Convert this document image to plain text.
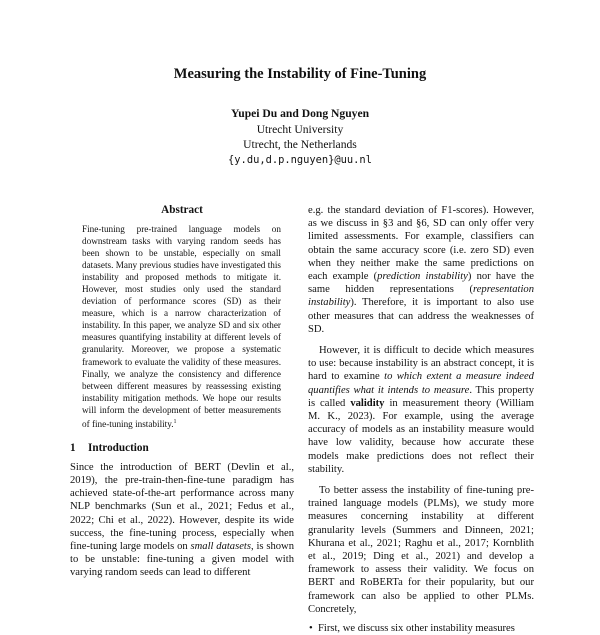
Measuring the Instability of Fine-Tuning
Yupei Du and Dong Nguyen
Utrecht University
Utrecht, the Netherlands
{y.du,d.p.nguyen}@uu.nl
Abstract

Fine-tuning pre-trained language models on downstream tasks with varying random seeds has been shown to be unstable, especially on small datasets. Many previous studies have investigated this instability and proposed methods to mitigate it. However, most studies only used the standard deviation of performance scores (SD) as their measure, which is a narrow characterization of instability. In this paper, we analyze SD and six other measures quantifying instability at different levels of granularity. Moreover, we propose a systematic framework to evaluate the validity of these measures. Finally, we analyze the consistency and difference between different measures by reassessing existing instability mitigation methods. We hope our results will inform the development of better measurements of fine-tuning instability.$^1$

1 Introduction

Since the introduction of BERT (Devlin et al., 2019), the pre-train-then-fine-tune paradigm has achieved state-of-the-art performance across many NLP benchmarks (Sun et al., 2021; Fedus et al., 2022; Chi et al., 2022). However, despite its wide success, the fine-tuning process, especially when fine-tuning large models on small datasets, is shown to be unstable: fine-tuning a given model with varying random seeds can lead to different

e.g. the standard deviation of F1-scores). However, as we discuss in §3 and §6, SD can only offer very limited assessments. For example, classifiers can obtain the same accuracy score (i.e. zero SD) even when they neither make the same predictions on each example (prediction instability) nor have the same hidden representations (representation instability). Therefore, it is important to also use other measures that can address the weaknesses of SD.

However, it is difficult to decide which measures to use: because instability is an abstract concept, it is hard to examine to which extent a measure indeed quantifies what it intends to measure. This property is called validity in measurement theory (William M. K., 2023). For example, using the average accuracy of models as an instability measure would have low validity, because how accurate these models make predictions does not reflect their stability.

To better assess the instability of fine-tuning pre-trained language models (PLMs), we study more measures concerning instability at different granularity levels (Summers and Dinneen, 2021; Khurana et al., 2021; Raghu et al., 2017; Kornblith et al., 2019; Ding et al., 2021) and develop a framework to assess their validity. We focus on BERT and RoBERTa for their popularity, but our framework can also be applied to other PLMs. Concretely,

• First, we discuss six other instability measures
